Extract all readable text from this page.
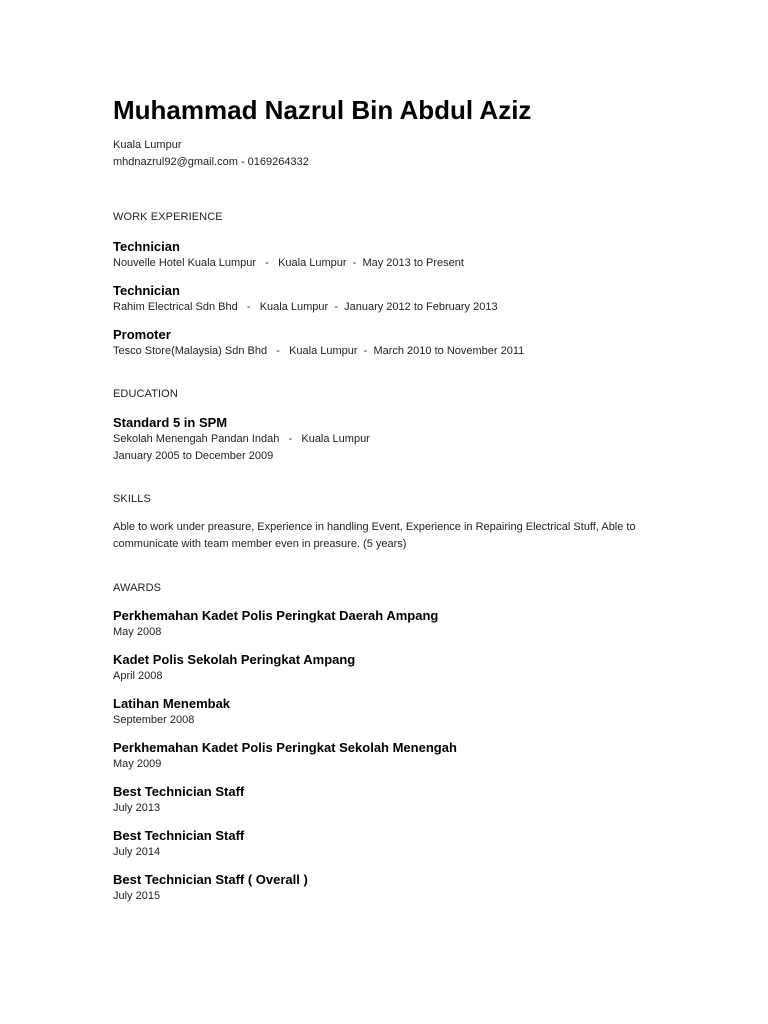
Muhammad Nazrul Bin Abdul Aziz
Kuala Lumpur
mhdnazrul92@gmail.com - 0169264332
WORK EXPERIENCE
Technician
Nouvelle Hotel Kuala Lumpur   -   Kuala Lumpur  -  May 2013 to Present
Technician
Rahim Electrical Sdn Bhd   -   Kuala Lumpur  -  January 2012 to February 2013
Promoter
Tesco Store(Malaysia) Sdn Bhd   -   Kuala Lumpur  -  March 2010 to November 2011
EDUCATION
Standard 5 in SPM
Sekolah Menengah Pandan Indah   -   Kuala Lumpur
January 2005 to December 2009
SKILLS
Able to work under preasure, Experience in handling Event, Experience in Repairing Electrical Stuff, Able to communicate with team member even in preasure. (5 years)
AWARDS
Perkhemahan Kadet Polis Peringkat Daerah Ampang
May 2008
Kadet Polis Sekolah Peringkat Ampang
April 2008
Latihan Menembak
September 2008
Perkhemahan Kadet Polis Peringkat Sekolah Menengah
May 2009
Best Technician Staff
July 2013
Best Technician Staff
July 2014
Best Technician Staff ( Overall )
July 2015
